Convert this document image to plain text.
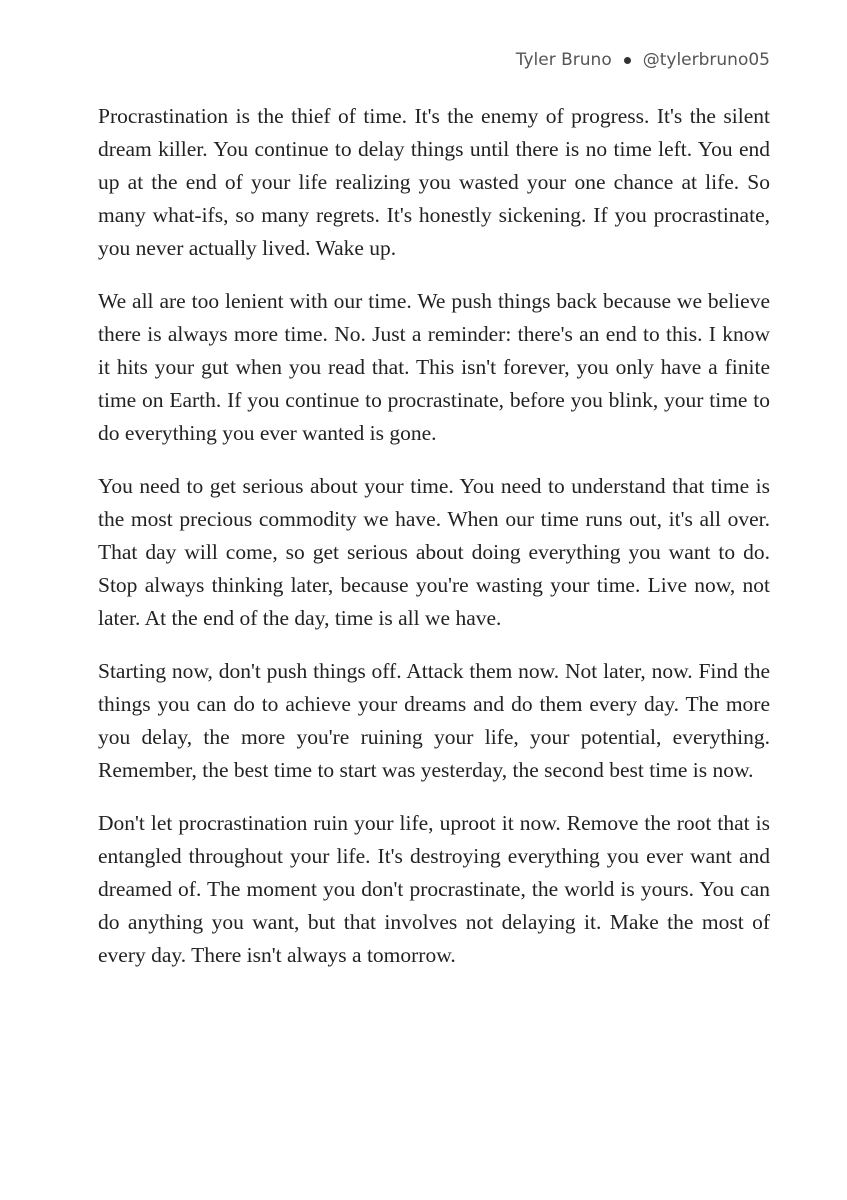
Tyler Bruno @tylerbruno05

Procrastination is the thief of time. It's the enemy of progress. It's the silent dream killer. You continue to delay things until there is no time left. You end up at the end of your life realizing you wasted your one chance at life. So many what-ifs, so many regrets. It's honestly sickening. If you procrastinate, you never actually lived. Wake up.

We all are too lenient with our time. We push things back because we believe there is always more time. No. Just a reminder: there's an end to this. I know it hits your gut when you read that. This isn't forever, you only have a finite time on Earth. If you continue to procrastinate, before you blink, your time to do everything you ever wanted is gone.

You need to get serious about your time. You need to understand that time is the most precious commodity we have. When our time runs out, it's all over. That day will come, so get serious about doing everything you want to do. Stop always thinking later, because you're wasting your time. Live now, not later. At the end of the day, time is all we have.

Starting now, don't push things off. Attack them now. Not later, now. Find the things you can do to achieve your dreams and do them every day. The more you delay, the more you're ruining your life, your potential, everything. Remember, the best time to start was yesterday, the second best time is now.

Don't let procrastination ruin your life, uproot it now. Remove the root that is entangled throughout your life. It's destroying everything you ever want and dreamed of. The moment you don't procrastinate, the world is yours. You can do anything you want, but that involves not delaying it. Make the most of every day. There isn't always a tomorrow.
